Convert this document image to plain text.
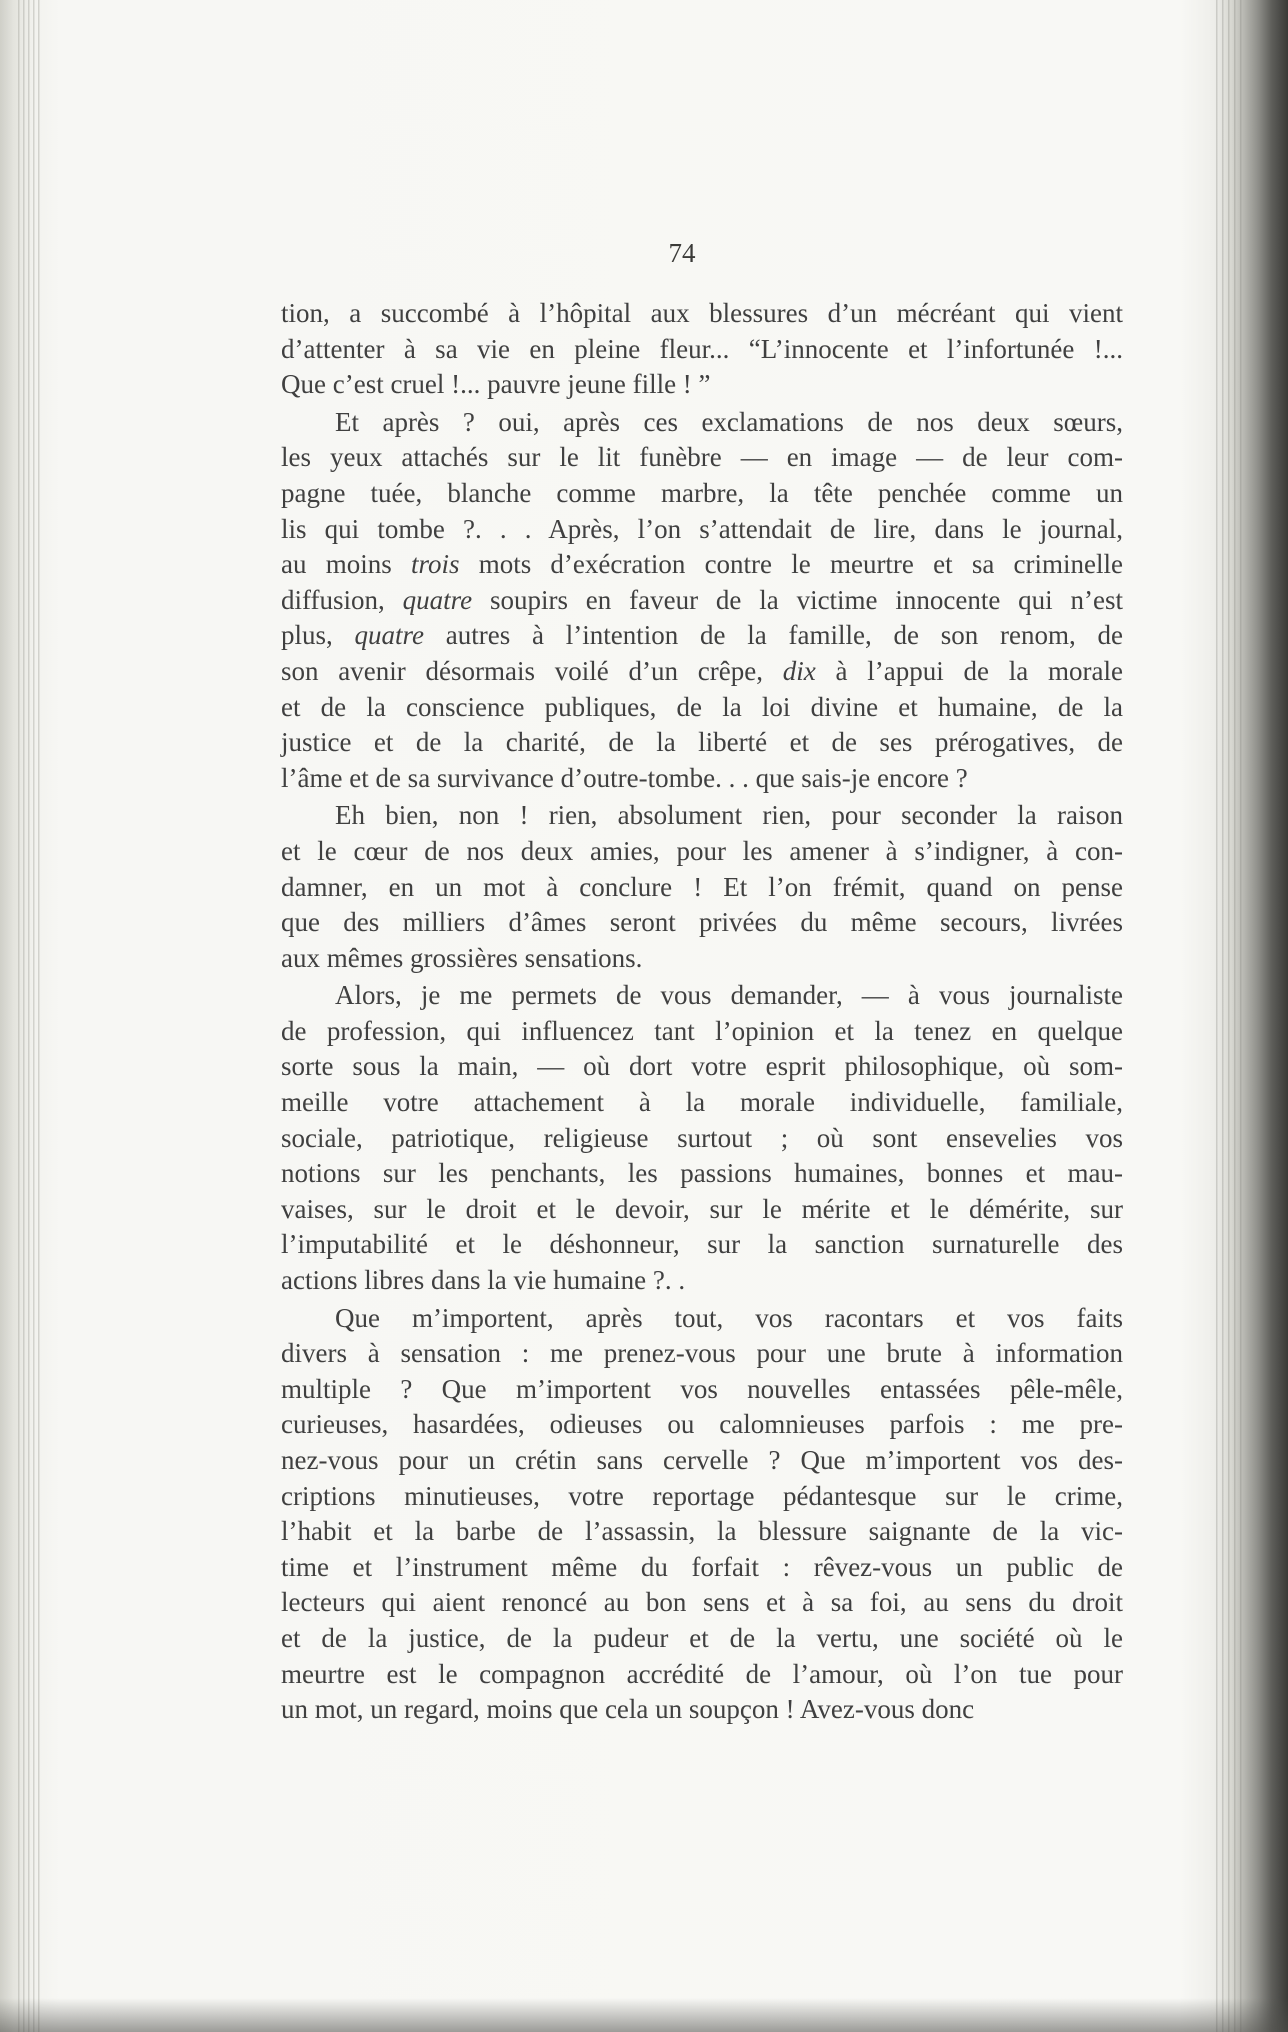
74

tion, a succombé à l’hôpital aux blessures d’un mécréant qui vient
d’attenter à sa vie en pleine fleur... “L’innocente et l’infortunée !...
Que c’est cruel !... pauvre jeune fille ! ”
Et après ? oui, après ces exclamations de nos deux sœurs,
les yeux attachés sur le lit funèbre — en image — de leur com-
pagne tuée, blanche comme marbre, la tête penchée comme un
lis qui tombe ?. . . Après, l’on s’attendait de lire, dans le journal,
au moins trois mots d’exécration contre le meurtre et sa criminelle
diffusion, quatre soupirs en faveur de la victime innocente qui n’est
plus, quatre autres à l’intention de la famille, de son renom, de
son avenir désormais voilé d’un crêpe, dix à l’appui de la morale
et de la conscience publiques, de la loi divine et humaine, de la
justice et de la charité, de la liberté et de ses prérogatives, de
l’âme et de sa survivance d’outre-tombe. . . que sais-je encore ?
Eh bien, non ! rien, absolument rien, pour seconder la raison
et le cœur de nos deux amies, pour les amener à s’indigner, à con-
damner, en un mot à conclure ! Et l’on frémit, quand on pense
que des milliers d’âmes seront privées du même secours, livrées
aux mêmes grossières sensations.
Alors, je me permets de vous demander, — à vous journaliste
de profession, qui influencez tant l’opinion et la tenez en quelque
sorte sous la main, — où dort votre esprit philosophique, où som-
meille votre attachement à la morale individuelle, familiale,
sociale, patriotique, religieuse surtout ; où sont ensevelies vos
notions sur les penchants, les passions humaines, bonnes et mau-
vaises, sur le droit et le devoir, sur le mérite et le démérite, sur
l’imputabilité et le déshonneur, sur la sanction surnaturelle des
actions libres dans la vie humaine ?. .
Que m’importent, après tout, vos racontars et vos faits
divers à sensation : me prenez-vous pour une brute à information
multiple ? Que m’importent vos nouvelles entassées pêle-mêle,
curieuses, hasardées, odieuses ou calomnieuses parfois : me pre-
nez-vous pour un crétin sans cervelle ? Que m’importent vos des-
criptions minutieuses, votre reportage pédantesque sur le crime,
l’habit et la barbe de l’assassin, la blessure saignante de la vic-
time et l’instrument même du forfait : rêvez-vous un public de
lecteurs qui aient renoncé au bon sens et à sa foi, au sens du droit
et de la justice, de la pudeur et de la vertu, une société où le
meurtre est le compagnon accrédité de l’amour, où l’on tue pour
un mot, un regard, moins que cela un soupçon ! Avez-vous donc
